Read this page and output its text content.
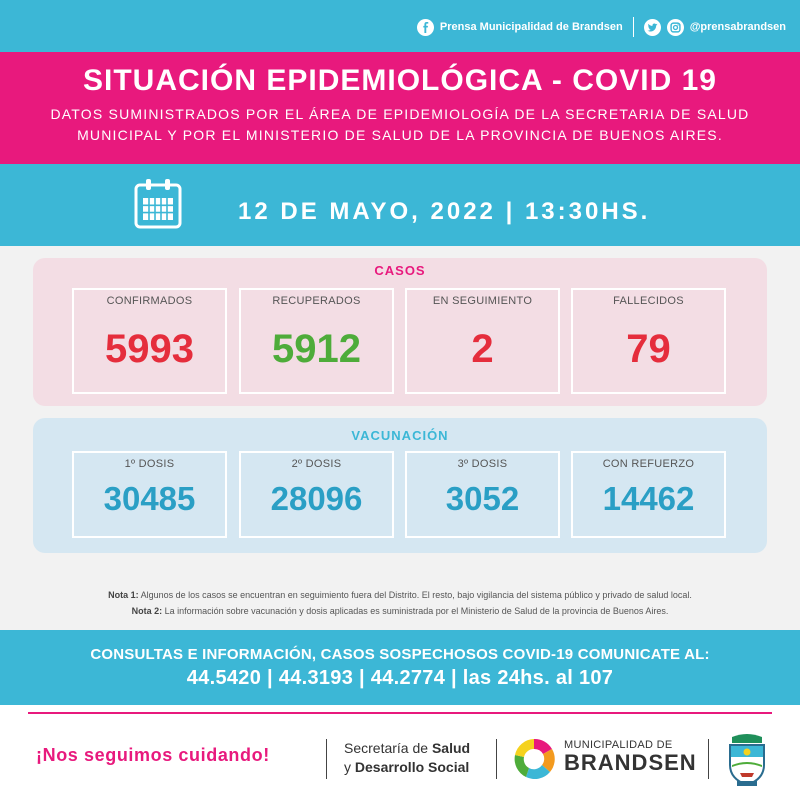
Prensa Municipalidad de Brandsen	@prensabrandsen
SITUACIÓN EPIDEMIOLÓGICA - COVID 19
DATOS SUMINISTRADOS POR EL ÁREA DE EPIDEMIOLOGÍA DE LA SECRETARIA DE SALUD
MUNICIPAL Y POR EL MINISTERIO DE SALUD DE LA PROVINCIA DE BUENOS AIRES.
12 DE MAYO, 2022 | 13:30HS.
CASOS
CONFIRMADOS
5993
RECUPERADOS
5912
EN SEGUIMIENTO
2
FALLECIDOS
79
VACUNACIÓN
1º DOSIS
30485
2º DOSIS
28096
3º DOSIS
3052
CON REFUERZO
14462
Nota 1: Algunos de los casos se encuentran en seguimiento fuera del Distrito. El resto, bajo vigilancia del sistema público y privado de salud local.
Nota 2: La información sobre vacunación y dosis aplicadas es suministrada por el Ministerio de Salud de la provincia de Buenos Aires.
CONSULTAS E INFORMACIÓN, CASOS SOSPECHOSOS COVID-19 COMUNICATE AL:
44.5420 | 44.3193 | 44.2774 | las 24hs. al 107
¡Nos seguimos cuidando!	Secretaría de Salud
y Desarrollo Social
MUNICIPALIDAD DE
BRANDSEN
